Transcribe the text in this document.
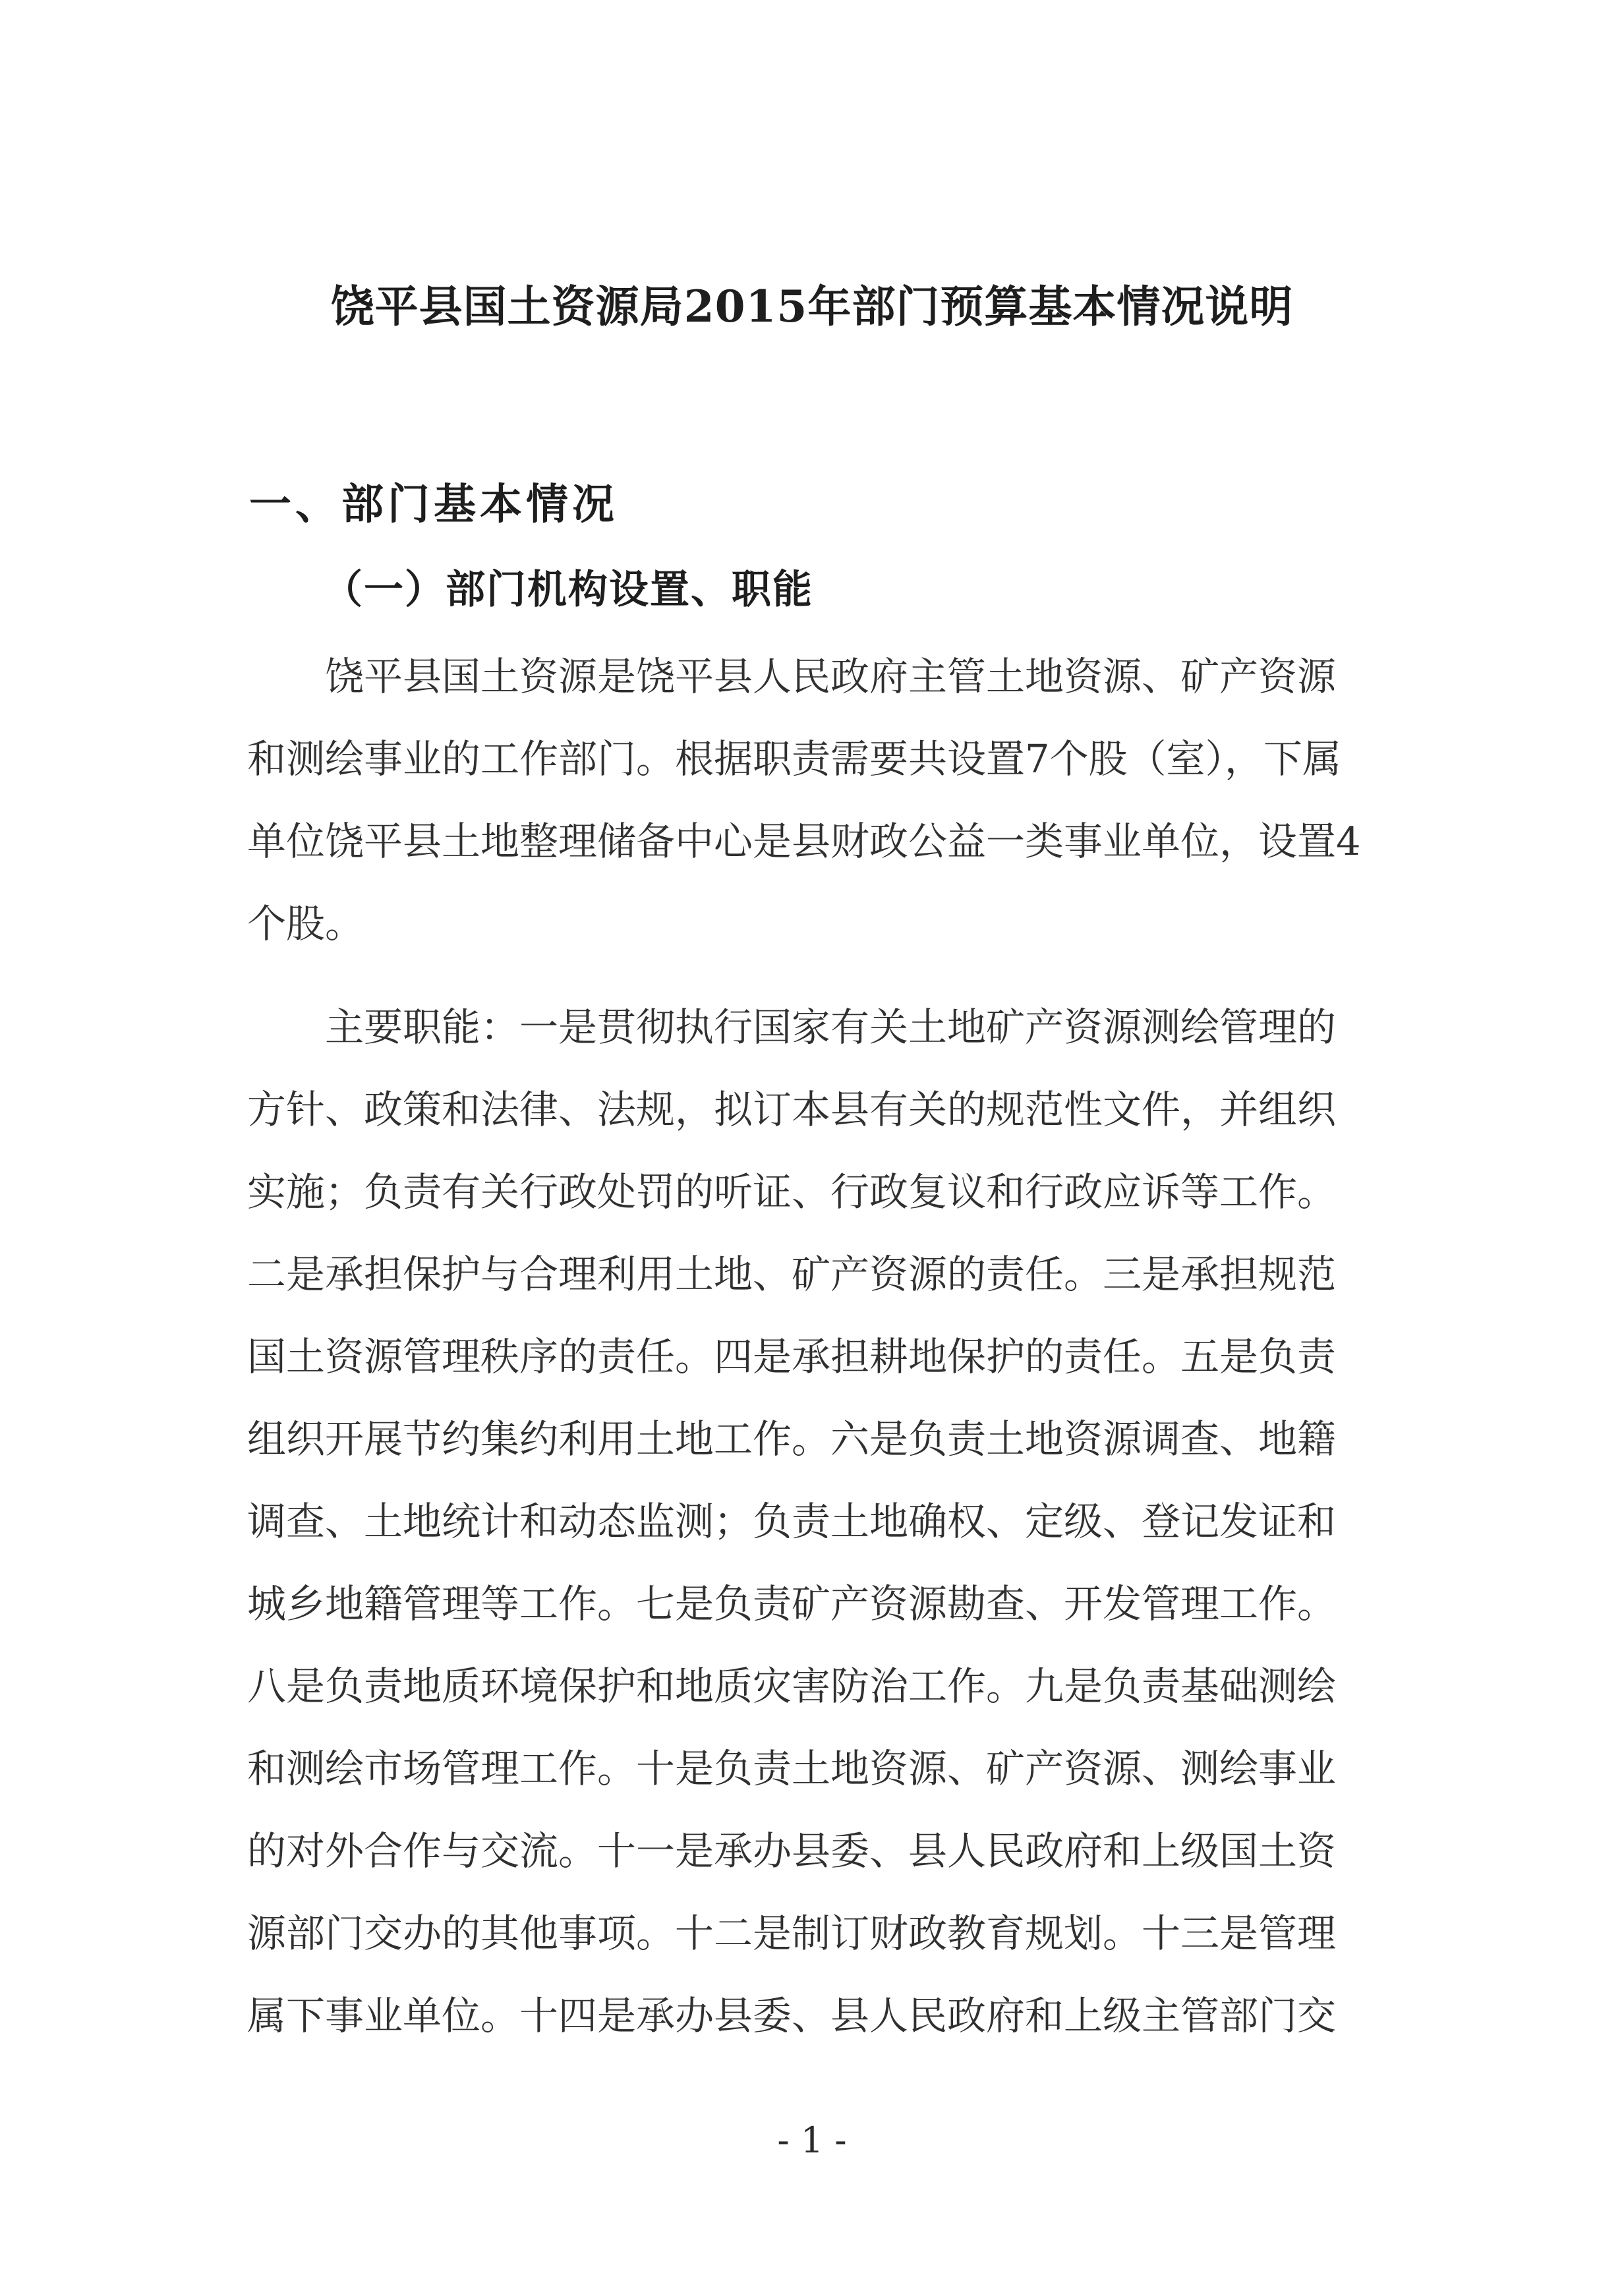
饶平县国土资源局2015年部门预算基本情况说明
一、部门基本情况
（一）部门机构设置、职能
　　饶平县国土资源是饶平县人民政府主管土地资源、矿产资源
和测绘事业的工作部门。根据职责需要共设置7个股（室），下属
单位饶平县土地整理储备中心是县财政公益一类事业单位，设置4
个股。
　　主要职能：一是贯彻执行国家有关土地矿产资源测绘管理的
方针、政策和法律、法规，拟订本县有关的规范性文件，并组织
实施；负责有关行政处罚的听证、行政复议和行政应诉等工作。
二是承担保护与合理利用土地、矿产资源的责任。三是承担规范
国土资源管理秩序的责任。四是承担耕地保护的责任。五是负责
组织开展节约集约利用土地工作。六是负责土地资源调查、地籍
调查、土地统计和动态监测；负责土地确权、定级、登记发证和
城乡地籍管理等工作。七是负责矿产资源勘查、开发管理工作。
八是负责地质环境保护和地质灾害防治工作。九是负责基础测绘
和测绘市场管理工作。十是负责土地资源、矿产资源、测绘事业
的对外合作与交流。十一是承办县委、县人民政府和上级国土资
源部门交办的其他事项。十二是制订财政教育规划。十三是管理
属下事业单位。十四是承办县委、县人民政府和上级主管部门交
- 1 -
